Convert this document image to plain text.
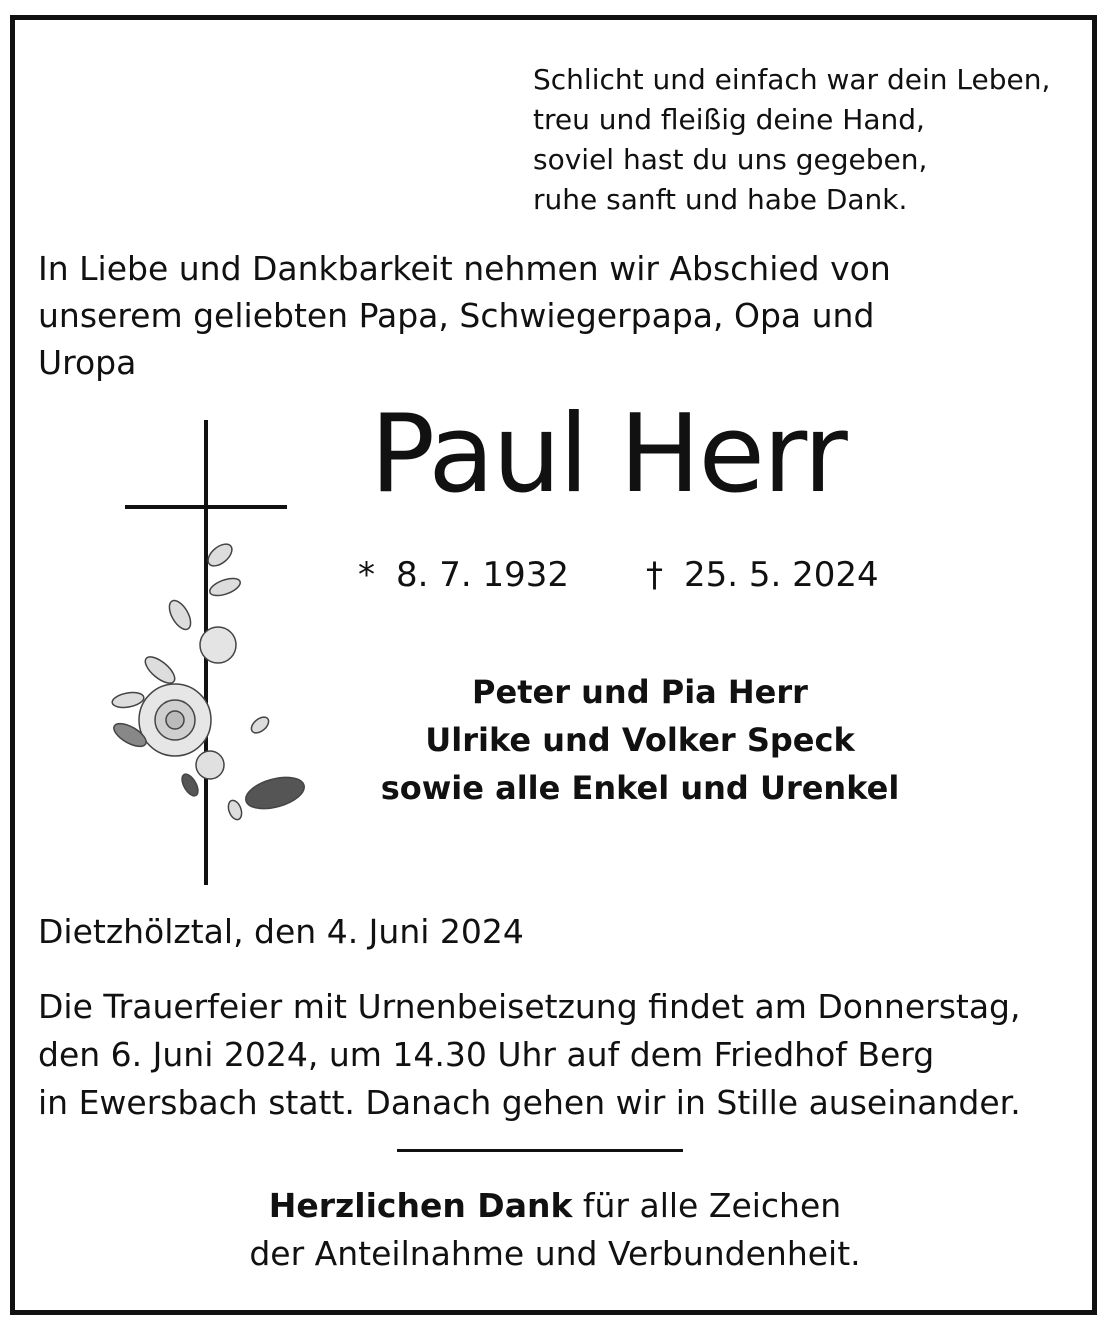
Schlicht und einfach war dein Leben,
treu und fleißig deine Hand,
soviel hast du uns gegeben,
ruhe sanft und habe Dank.
In Liebe und Dankbarkeit nehmen wir Abschied von
unserem geliebten Papa, Schwiegerpapa, Opa und
Uropa
Paul Herr
* 8. 7. 1932 † 25. 5. 2024
Peter und Pia Herr
Ulrike und Volker Speck
sowie alle Enkel und Urenkel
Dietzhölztal, den 4. Juni 2024
Die Trauerfeier mit Urnenbeisetzung findet am Donnerstag,
den 6. Juni 2024, um 14.30 Uhr auf dem Friedhof Berg
in Ewersbach statt. Danach gehen wir in Stille auseinander.
Herzlichen Dank für alle Zeichen
der Anteilnahme und Verbundenheit.
